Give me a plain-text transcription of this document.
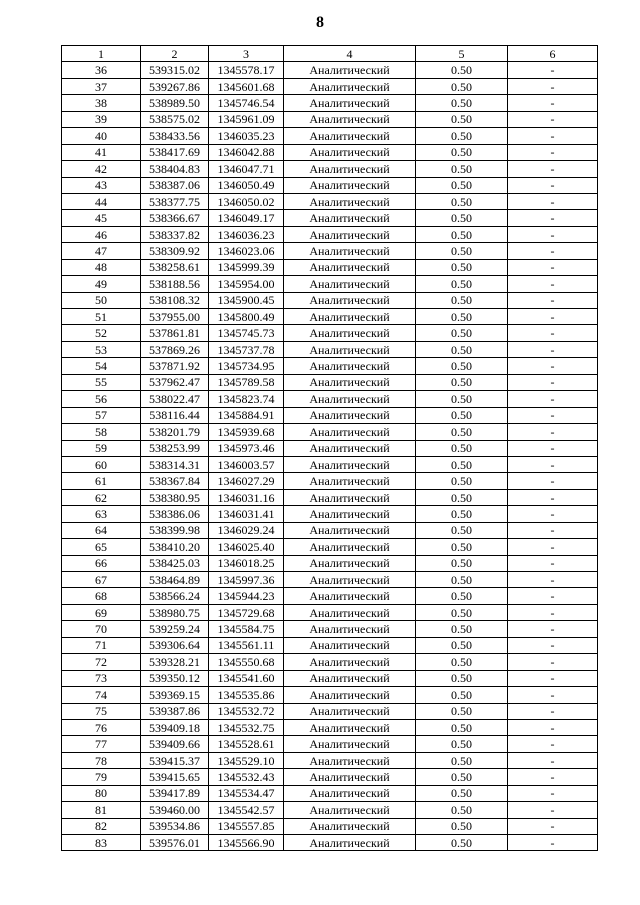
8
1	2	3	4	5	6
36	539315.02	1345578.17	Аналитический	0.50	-
37	539267.86	1345601.68	Аналитический	0.50	-
38	538989.50	1345746.54	Аналитический	0.50	-
39	538575.02	1345961.09	Аналитический	0.50	-
40	538433.56	1346035.23	Аналитический	0.50	-
41	538417.69	1346042.88	Аналитический	0.50	-
42	538404.83	1346047.71	Аналитический	0.50	-
43	538387.06	1346050.49	Аналитический	0.50	-
44	538377.75	1346050.02	Аналитический	0.50	-
45	538366.67	1346049.17	Аналитический	0.50	-
46	538337.82	1346036.23	Аналитический	0.50	-
47	538309.92	1346023.06	Аналитический	0.50	-
48	538258.61	1345999.39	Аналитический	0.50	-
49	538188.56	1345954.00	Аналитический	0.50	-
50	538108.32	1345900.45	Аналитический	0.50	-
51	537955.00	1345800.49	Аналитический	0.50	-
52	537861.81	1345745.73	Аналитический	0.50	-
53	537869.26	1345737.78	Аналитический	0.50	-
54	537871.92	1345734.95	Аналитический	0.50	-
55	537962.47	1345789.58	Аналитический	0.50	-
56	538022.47	1345823.74	Аналитический	0.50	-
57	538116.44	1345884.91	Аналитический	0.50	-
58	538201.79	1345939.68	Аналитический	0.50	-
59	538253.99	1345973.46	Аналитический	0.50	-
60	538314.31	1346003.57	Аналитический	0.50	-
61	538367.84	1346027.29	Аналитический	0.50	-
62	538380.95	1346031.16	Аналитический	0.50	-
63	538386.06	1346031.41	Аналитический	0.50	-
64	538399.98	1346029.24	Аналитический	0.50	-
65	538410.20	1346025.40	Аналитический	0.50	-
66	538425.03	1346018.25	Аналитический	0.50	-
67	538464.89	1345997.36	Аналитический	0.50	-
68	538566.24	1345944.23	Аналитический	0.50	-
69	538980.75	1345729.68	Аналитический	0.50	-
70	539259.24	1345584.75	Аналитический	0.50	-
71	539306.64	1345561.11	Аналитический	0.50	-
72	539328.21	1345550.68	Аналитический	0.50	-
73	539350.12	1345541.60	Аналитический	0.50	-
74	539369.15	1345535.86	Аналитический	0.50	-
75	539387.86	1345532.72	Аналитический	0.50	-
76	539409.18	1345532.75	Аналитический	0.50	-
77	539409.66	1345528.61	Аналитический	0.50	-
78	539415.37	1345529.10	Аналитический	0.50	-
79	539415.65	1345532.43	Аналитический	0.50	-
80	539417.89	1345534.47	Аналитический	0.50	-
81	539460.00	1345542.57	Аналитический	0.50	-
82	539534.86	1345557.85	Аналитический	0.50	-
83	539576.01	1345566.90	Аналитический	0.50	-
